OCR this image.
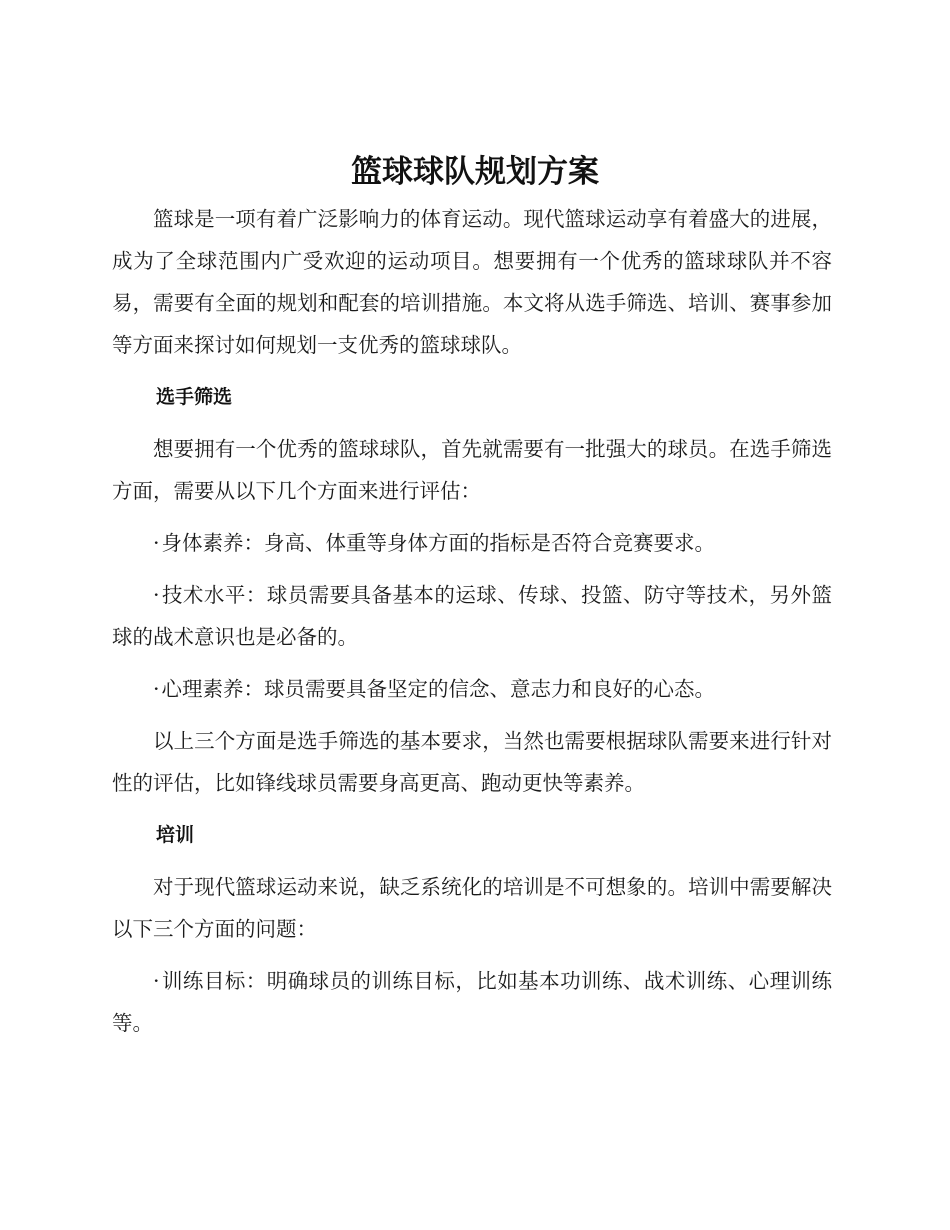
篮球球队规划方案

篮球是一项有着广泛影响力的体育运动。现代篮球运动享有着盛大的进展，成为了全球范围内广受欢迎的运动项目。想要拥有一个优秀的篮球球队并不容易，需要有全面的规划和配套的培训措施。本文将从选手筛选、培训、赛事参加等方面来探讨如何规划一支优秀的篮球球队。

选手筛选

想要拥有一个优秀的篮球球队，首先就需要有一批强大的球员。在选手筛选方面，需要从以下几个方面来进行评估：

·身体素养：身高、体重等身体方面的指标是否符合竞赛要求。

·技术水平：球员需要具备基本的运球、传球、投篮、防守等技术，另外篮球的战术意识也是必备的。

·心理素养：球员需要具备坚定的信念、意志力和良好的心态。

以上三个方面是选手筛选的基本要求，当然也需要根据球队需要来进行针对性的评估，比如锋线球员需要身高更高、跑动更快等素养。

培训

对于现代篮球运动来说，缺乏系统化的培训是不可想象的。培训中需要解决以下三个方面的问题：

·训练目标：明确球员的训练目标，比如基本功训练、战术训练、心理训练等。
